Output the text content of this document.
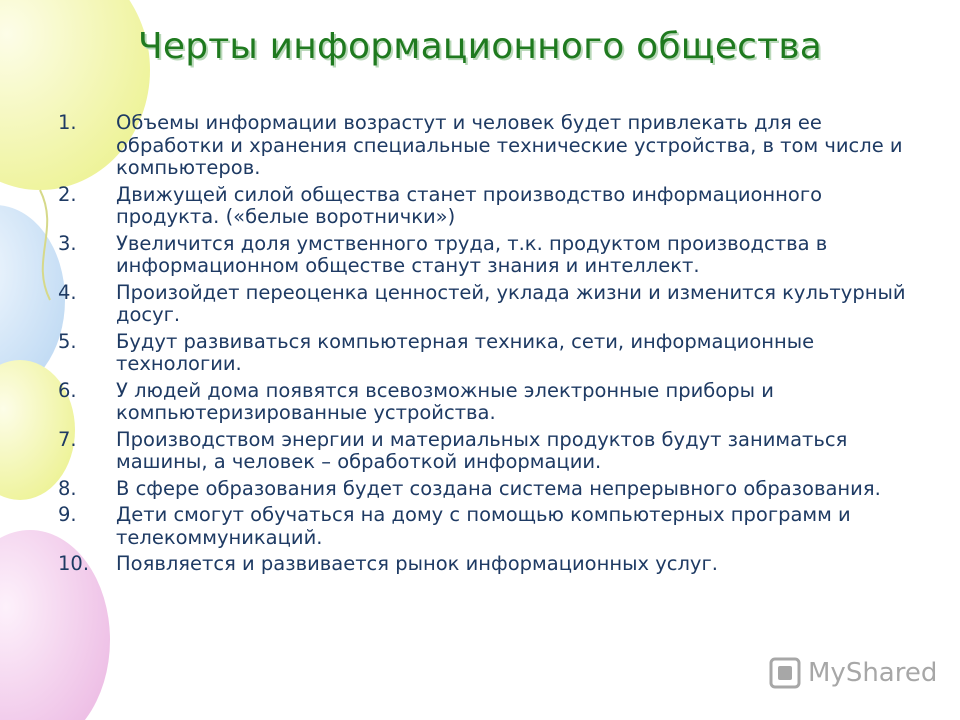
Черты информационного общества
1.	Объемы информации возрастут и человек будет привлекать для ее обработки и хранения специальные технические устройства, в том числе и компьютеров.
2.	Движущей силой общества станет производство информационного продукта. («белые воротнички»)
3.	Увеличится доля умственного труда, т.к. продуктом производства в информационном обществе станут знания и интеллект.
4.	Произойдет переоценка ценностей, уклада жизни и изменится культурный досуг.
5.	Будут развиваться компьютерная техника, сети, информационные технологии.
6.	У людей дома появятся всевозможные электронные приборы и компьютеризированные устройства.
7.	Производством энергии и материальных продуктов будут заниматься машины, а человек – обработкой информации.
8.	В сфере образования будет создана система непрерывного образования.
9.	Дети смогут обучаться на дому с помощью компьютерных программ и телекоммуникаций.
10.	Появляется и развивается рынок информационных услуг.
MyShared
